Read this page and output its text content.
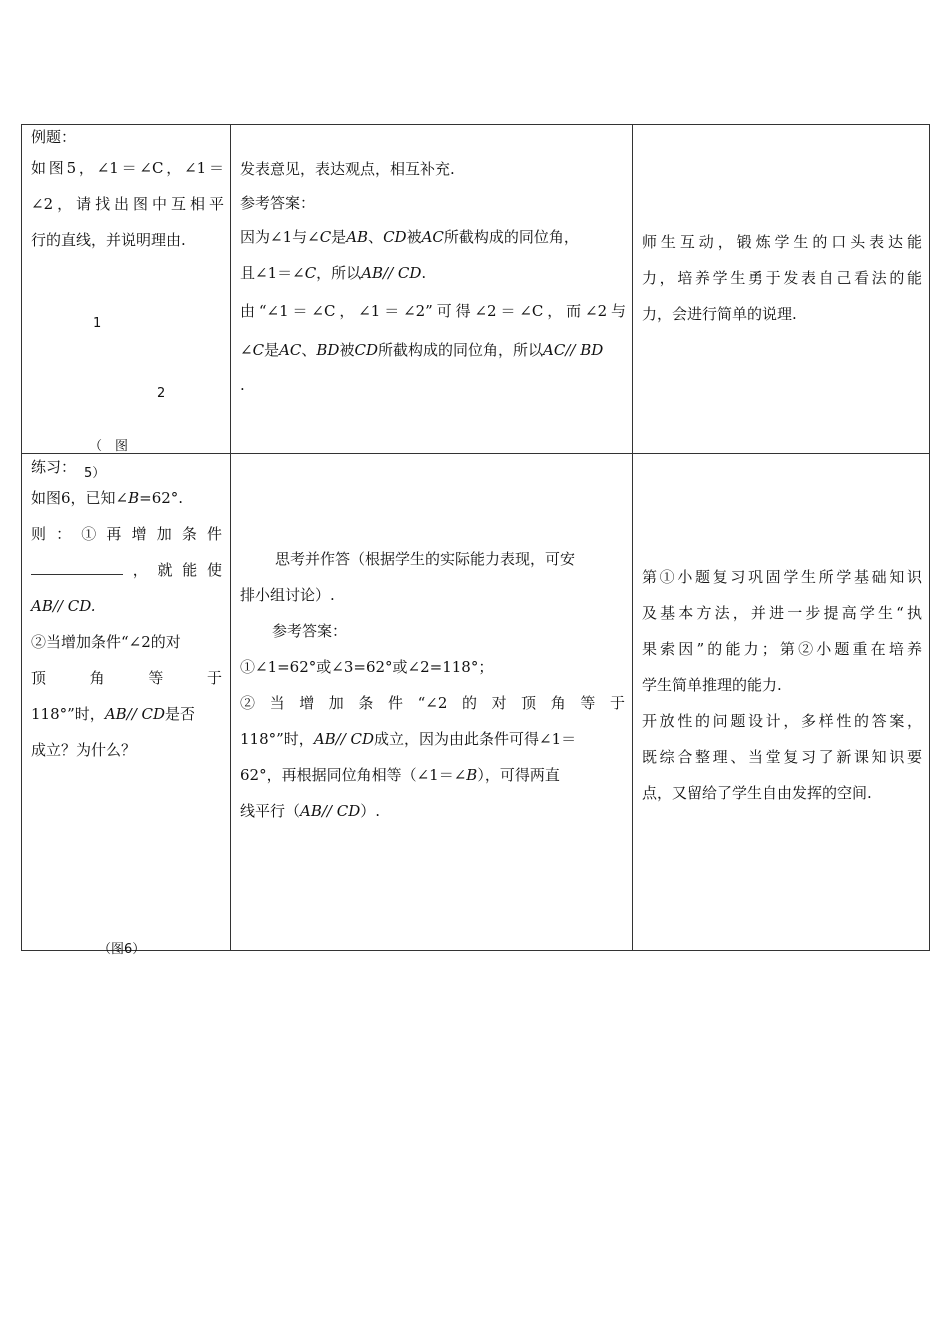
例题：

如图5，∠1＝∠C，∠1＝

∠2，请找出图中互相平

行的直线，并说明理由.

1
2
（　图
5）

发表意见，表达观点，相互补充.

参考答案：

因为∠1与∠C是AB、CD被AC所截构成的同位角，

且∠1＝∠C，所以AB// CD.

由“∠1＝∠C，∠1＝∠2”可得∠2＝∠C，而∠2与

∠C是AC、BD被CD所截构成的同位角，所以AC// BD

.

师生互动，锻炼学生的口头表达能

力，培养学生勇于发表自己看法的能

力，会进行简单的说理.

练习：

如图6，已知∠B=62°.

则：①再增加条件

，就能使

AB// CD.

②当增加条件“∠2的对

顶角等于

118°”时，AB// CD是否

成立？为什么？

（图6）

思考并作答（根据学生的实际能力表现，可安

排小组讨论）.

参考答案：

①∠1=62°或∠3=62°或∠2=118°；

②当增加条件“∠2的对顶角等于

118°”时，AB// CD成立，因为由此条件可得∠1＝

62°，再根据同位角相等（∠1＝∠B），可得两直

线平行（AB// CD）.

第①小题复习巩固学生所学基础知识

及基本方法，并进一步提高学生“执

果索因”的能力；第②小题重在培养

学生简单推理的能力.

开放性的问题设计，多样性的答案，

既综合整理、当堂复习了新课知识要

点，又留给了学生自由发挥的空间.
